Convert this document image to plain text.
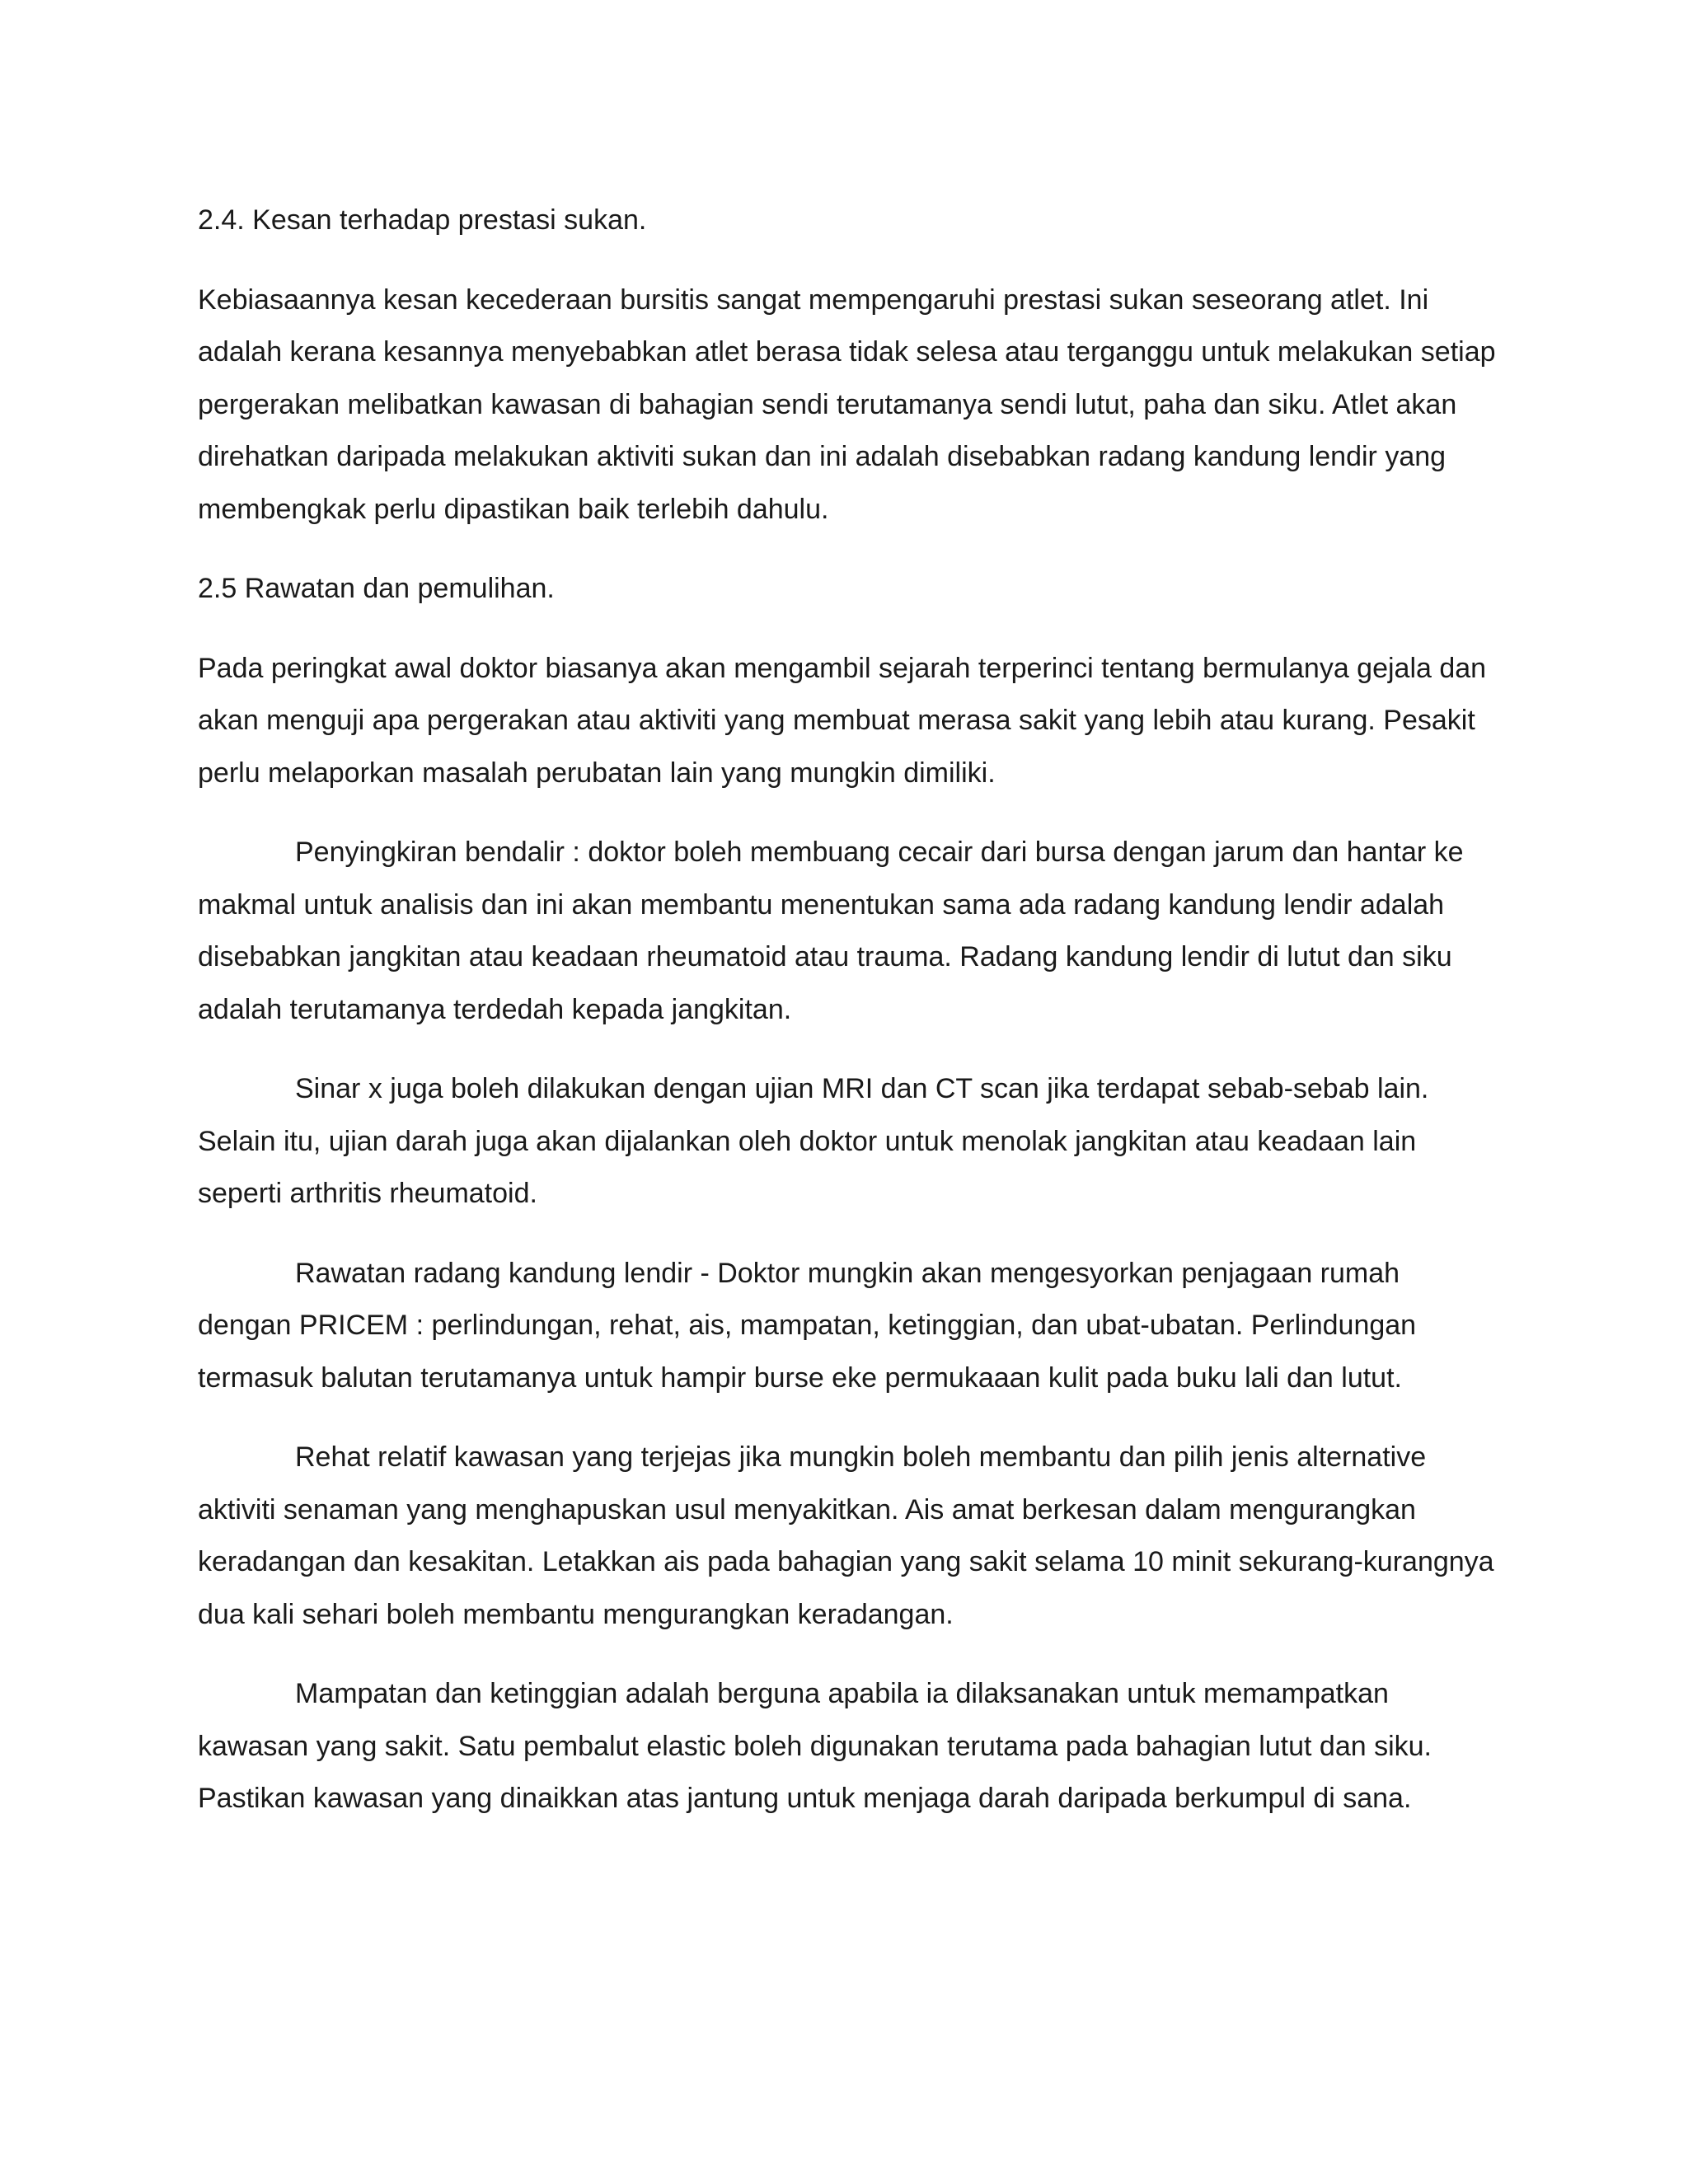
2.4. Kesan terhadap prestasi sukan.

Kebiasaannya kesan kecederaan bursitis sangat mempengaruhi prestasi sukan seseorang atlet. Ini adalah kerana kesannya menyebabkan atlet berasa tidak selesa atau terganggu untuk melakukan setiap pergerakan melibatkan kawasan di bahagian sendi terutamanya sendi lutut, paha dan siku. Atlet akan direhatkan daripada melakukan aktiviti sukan dan ini adalah disebabkan radang kandung lendir yang membengkak perlu dipastikan baik terlebih dahulu.

2.5 Rawatan dan pemulihan.

Pada peringkat awal doktor biasanya akan mengambil sejarah terperinci tentang bermulanya gejala dan akan menguji apa pergerakan atau aktiviti yang membuat merasa sakit yang lebih atau kurang. Pesakit perlu melaporkan masalah perubatan lain yang mungkin dimiliki.

Penyingkiran bendalir : doktor boleh membuang cecair dari bursa dengan jarum dan hantar ke makmal untuk analisis dan ini akan membantu menentukan sama ada radang kandung lendir adalah disebabkan jangkitan atau keadaan rheumatoid atau trauma. Radang kandung lendir di lutut dan siku adalah terutamanya terdedah kepada jangkitan.

Sinar x juga boleh dilakukan dengan ujian MRI dan CT scan jika terdapat sebab-sebab lain. Selain itu, ujian darah juga akan dijalankan oleh doktor untuk menolak jangkitan atau keadaan lain seperti arthritis rheumatoid.

Rawatan radang kandung lendir - Doktor mungkin akan mengesyorkan penjagaan rumah dengan PRICEM : perlindungan, rehat, ais, mampatan, ketinggian, dan ubat-ubatan. Perlindungan termasuk balutan terutamanya untuk hampir burse eke permukaaan kulit pada buku lali dan lutut.

Rehat relatif kawasan yang terjejas jika mungkin boleh membantu dan pilih jenis alternative aktiviti senaman yang menghapuskan usul menyakitkan. Ais amat berkesan dalam mengurangkan keradangan dan kesakitan. Letakkan ais pada bahagian yang sakit selama 10 minit sekurang-kurangnya dua kali sehari boleh membantu mengurangkan keradangan.

Mampatan dan ketinggian adalah berguna apabila ia dilaksanakan untuk memampatkan kawasan yang sakit. Satu pembalut elastic boleh digunakan terutama pada bahagian lutut dan siku. Pastikan kawasan yang dinaikkan atas jantung untuk menjaga darah daripada berkumpul di sana.
